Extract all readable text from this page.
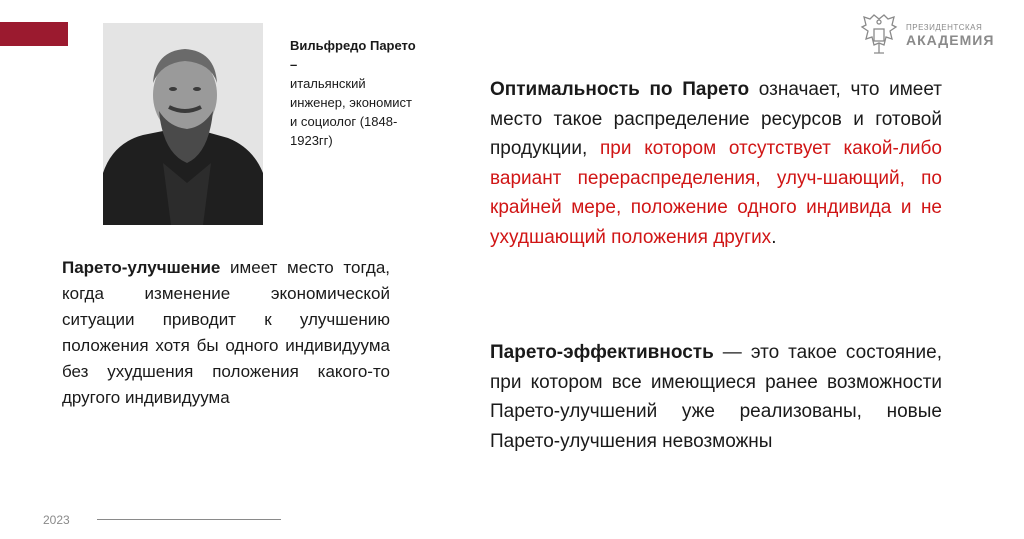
ПРЕЗИДЕНТСКАЯ
АКАДЕМИЯ
Вильфредо Парето –
итальянский инженер, экономист и социолог (1848-1923гг)
Парето-улучшение имеет место тогда, когда изменение экономической ситуации приводит к улучшению положения хотя бы одного индивидуума без ухудшения положения какого-то другого индивидуума
Оптимальность по Парето означает, что имеет место такое распределение ресурсов и готовой продукции, при котором отсутствует какой-либо вариант перераспределения, улуч-шающий, по крайней мере, положение одного индивида и не ухудшающий положения других.
Парето-эффективность — это такое состояние, при котором все имеющиеся ранее возможности Парето-улучшений уже реализованы, новые Парето-улучшения невозможны
2023
